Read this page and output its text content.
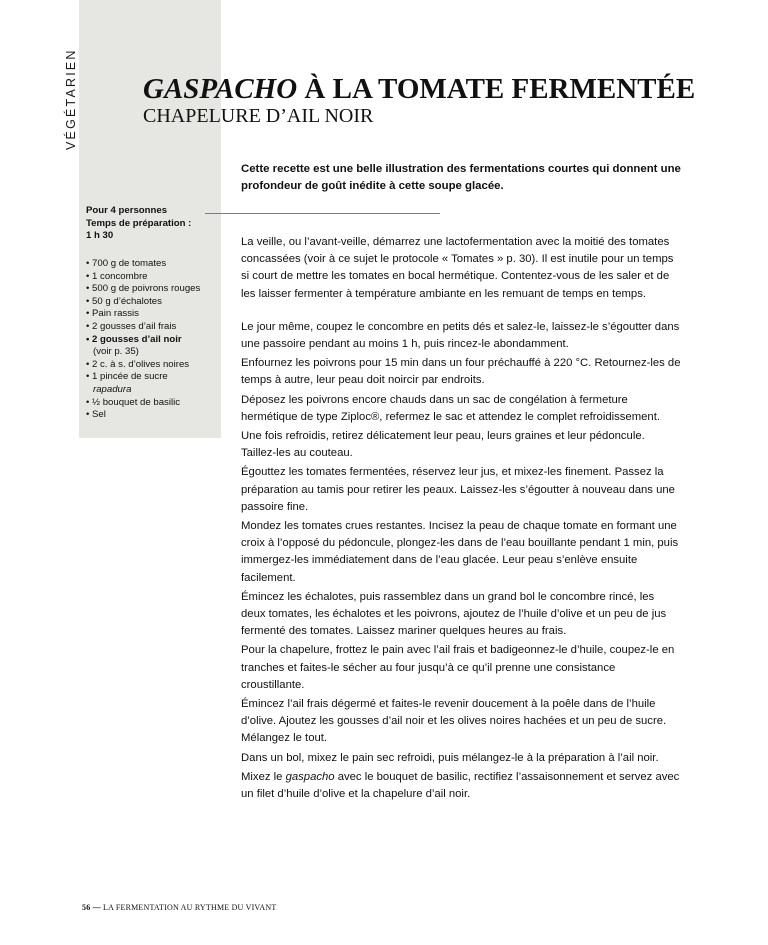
VÉGÉTARIEN GASPACHO À LA TOMATE FERMENTÉE
CHAPELURE D’AIL NOIR

Cette recette est une belle illustration des fermentations courtes qui donnent une profondeur de goût inédite à cette soupe glacée.

Pour 4 personnes
Temps de préparation :
1 h 30
• 700 g de tomates
• 1 concombre
• 500 g de poivrons rouges
• 50 g d’échalotes
• Pain rassis
• 2 gousses d’ail frais
• 2 gousses d’ail noir
(voir p. 35)
• 2 c. à s. d’olives noires
• 1 pincée de sucre
rapadura
• ½ bouquet de basilic
• Sel

La veille, ou l’avant-veille, démarrez une lactofermentation avec la moitié des tomates concassées (voir à ce sujet le protocole « Tomates » p. 30). Il est inutile pour un temps si court de mettre les tomates en bocal hermétique. Contentez-vous de les saler et de les laisser fermenter à température ambiante en les remuant de temps en temps.

Le jour même, coupez le concombre en petits dés et salez-le, laissez-le s’égoutter dans une passoire pendant au moins 1 h, puis rincez-le abondamment.

Enfournez les poivrons pour 15 min dans un four préchauffé à 220 °C. Retournez-les de temps à autre, leur peau doit noircir par endroits.

Déposez les poivrons encore chauds dans un sac de congélation à fermeture hermétique de type Ziploc®, refermez le sac et attendez le complet refroidissement.

Une fois refroidis, retirez délicatement leur peau, leurs graines et leur pédoncule. Taillez-les au couteau.

Égouttez les tomates fermentées, réservez leur jus, et mixez-les finement. Passez la préparation au tamis pour retirer les peaux. Laissez-les s’égoutter à nouveau dans une passoire fine.

Mondez les tomates crues restantes. Incisez la peau de chaque tomate en formant une croix à l’opposé du pédoncule, plongez-les dans de l’eau bouillante pendant 1 min, puis immergez-les immédiatement dans de l’eau glacée. Leur peau s’enlève ensuite facilement.

Émincez les échalotes, puis rassemblez dans un grand bol le concombre rincé, les deux tomates, les échalotes et les poivrons, ajoutez de l’huile d’olive et un peu de jus fermenté des tomates. Laissez mariner quelques heures au frais.

Pour la chapelure, frottez le pain avec l’ail frais et badigeonnez-le d’huile, coupez-le en tranches et faites-le sécher au four jusqu’à ce qu’il prenne une consistance croustillante.

Émincez l’ail frais dégermé et faites-le revenir doucement à la poêle dans de l’huile d’olive. Ajoutez les gousses d’ail noir et les olives noires hachées et un peu de sucre. Mélangez le tout.

Dans un bol, mixez le pain sec refroidi, puis mélangez-le à la préparation à l’ail noir.

Mixez le gaspacho avec le bouquet de basilic, rectifiez l’assaisonnement et servez avec un filet d’huile d’olive et la chapelure d’ail noir.

56 — LA FERMENTATION AU RYTHME DU VIVANT
